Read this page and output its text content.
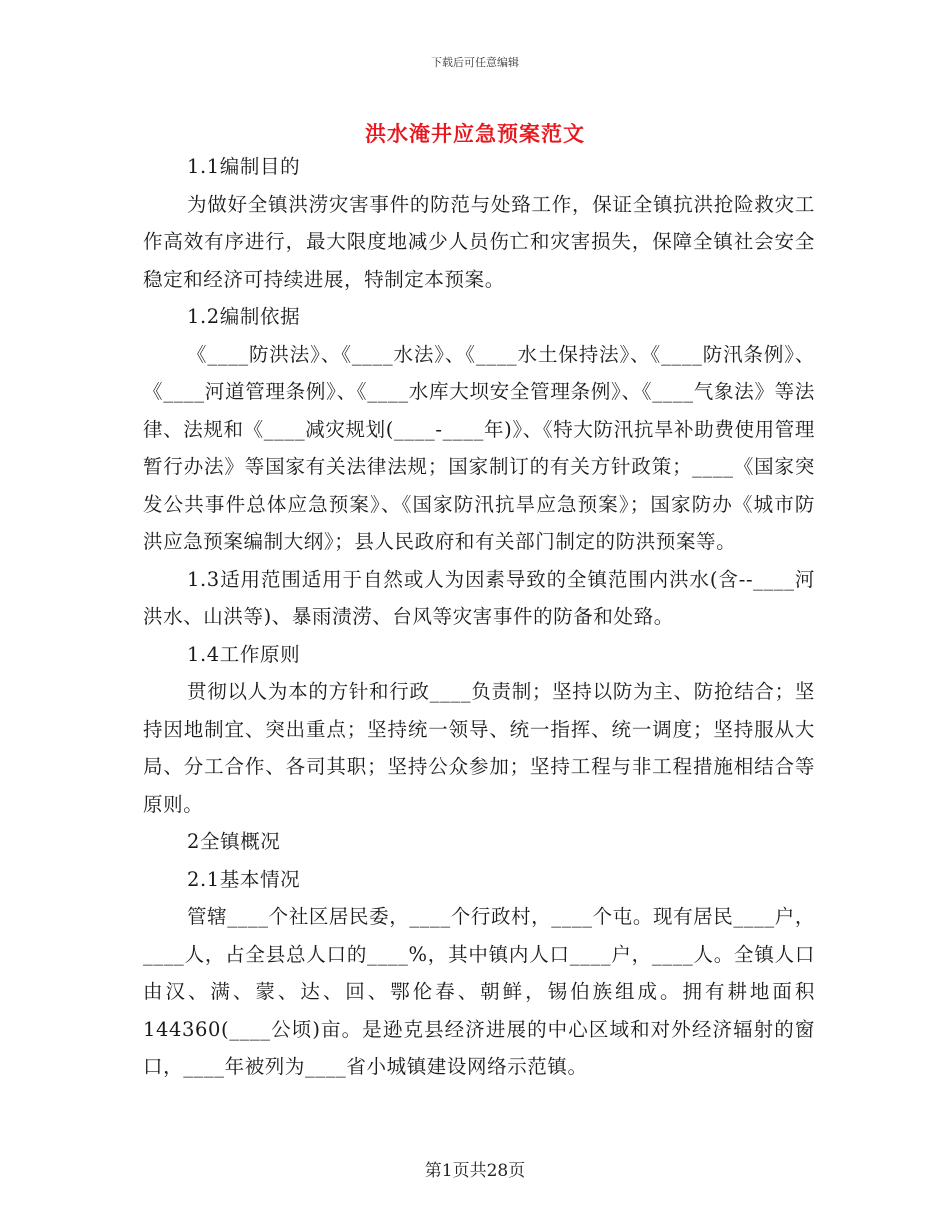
下载后可任意编辑
洪水淹井应急预案范文

1.1编制目的

为做好全镇洪涝灾害事件的防范与处臵工作，保证全镇抗洪抢险救灾工作高效有序进行，最大限度地减少人员伤亡和灾害损失，保障全镇社会安全稳定和经济可持续进展，特制定本预案。

1.2编制依据

《____防洪法》、《____水法》、《____水土保持法》、《____防汛条例》、《____河道管理条例》、《____水库大坝安全管理条例》、《____气象法》等法律、法规和《____减灾规划(____-____年)》、《特大防汛抗旱补助费使用管理暂行办法》等国家有关法律法规；国家制订的有关方针政策；____《国家突发公共事件总体应急预案》、《国家防汛抗旱应急预案》；国家防办《城市防洪应急预案编制大纲》；县人民政府和有关部门制定的防洪预案等。

1.3适用范围适用于自然或人为因素导致的全镇范围内洪水(含--____河洪水、山洪等)、暴雨渍涝、台风等灾害事件的防备和处臵。

1.4工作原则

贯彻以人为本的方针和行政____负责制；坚持以防为主、防抢结合；坚持因地制宜、突出重点；坚持统一领导、统一指挥、统一调度；坚持服从大局、分工合作、各司其职；坚持公众参加；坚持工程与非工程措施相结合等原则。

2全镇概况

2.1基本情况

管辖____个社区居民委，____个行政村，____个屯。现有居民____户，____人，占全县总人口的____%，其中镇内人口____户，____人。全镇人口由汉、满、蒙、达、回、鄂伦春、朝鲜，锡伯族组成。拥有耕地面积144360(____公顷)亩。是逊克县经济进展的中心区域和对外经济辐射的窗口，____年被列为____省小城镇建设网络示范镇。

第1页共28页
